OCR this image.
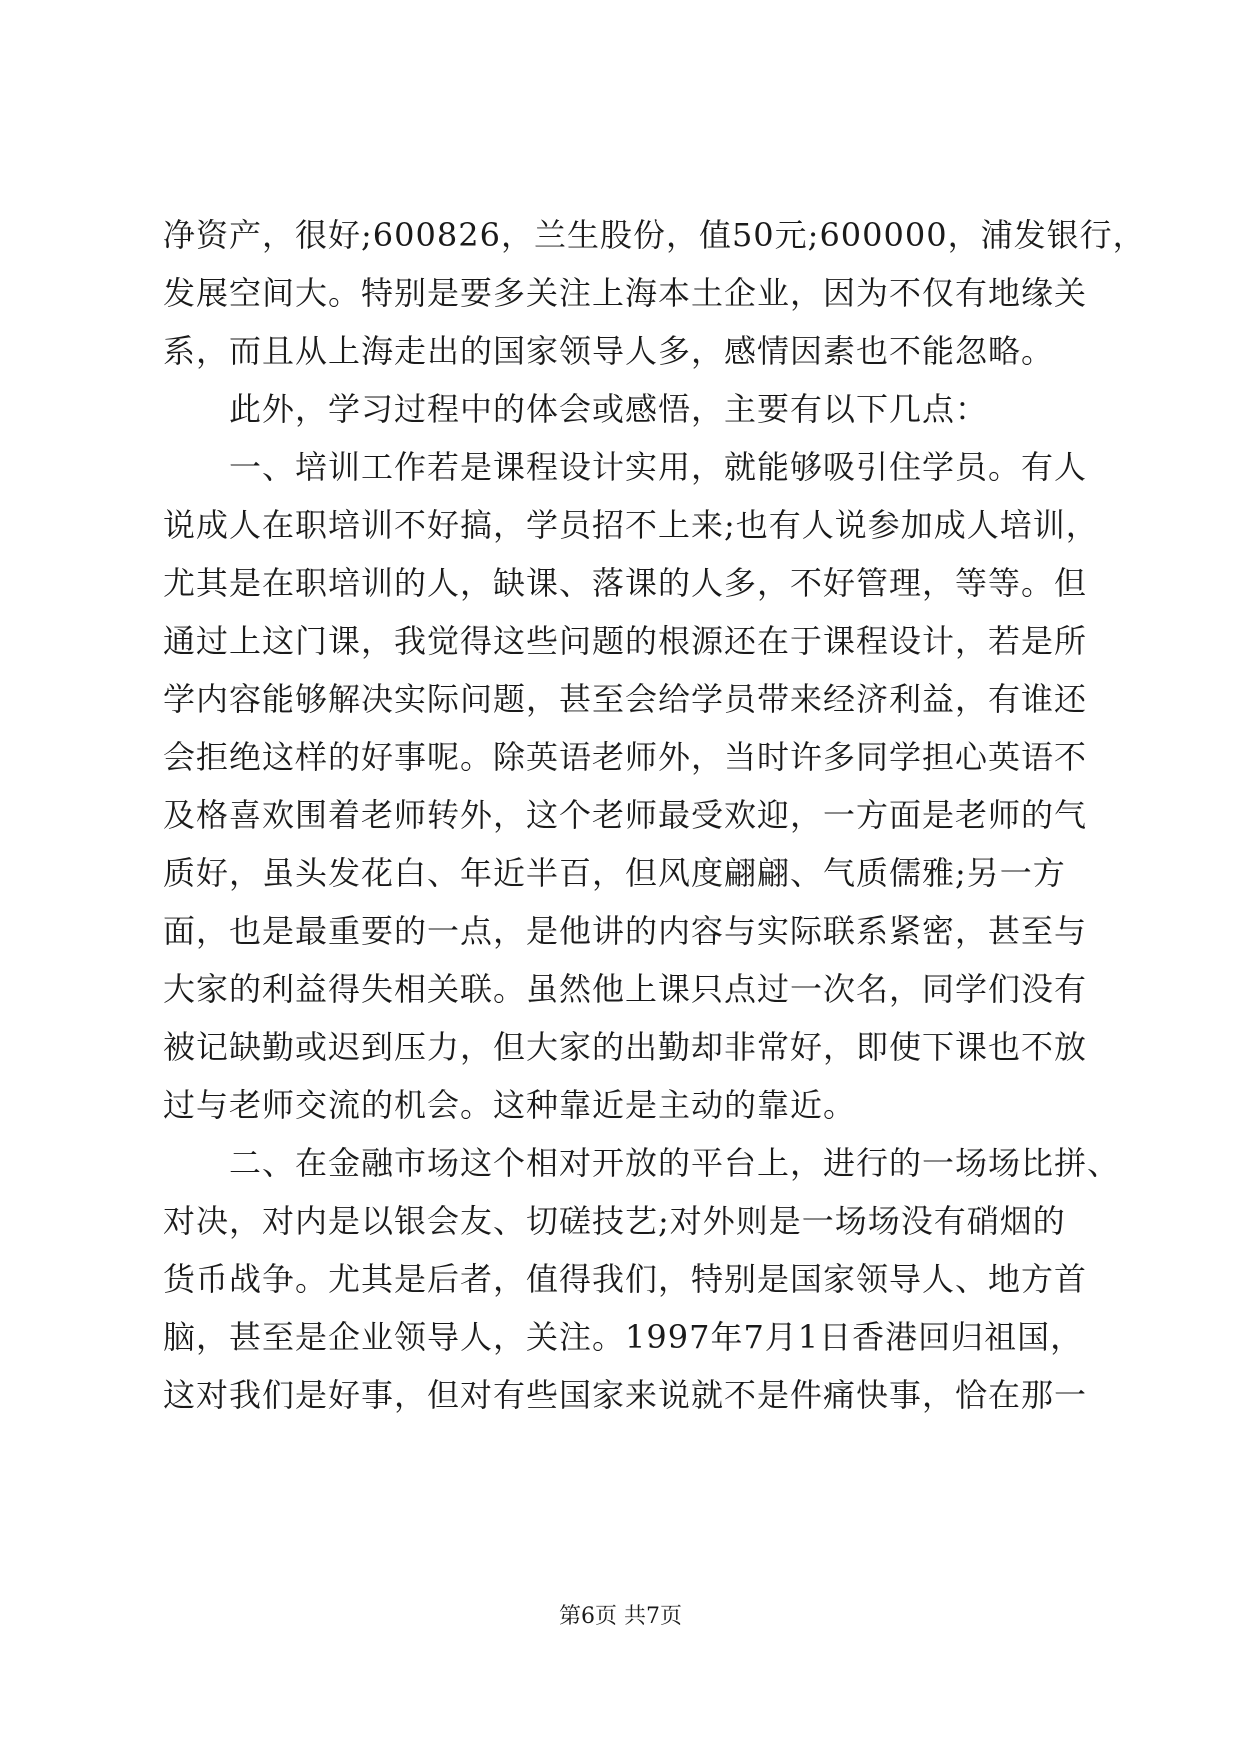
净资产，很好;600826，兰生股份，值50元;600000，浦发银行，
发展空间大。特别是要多关注上海本土企业，因为不仅有地缘关
系，而且从上海走出的国家领导人多，感情因素也不能忽略。
此外，学习过程中的体会或感悟，主要有以下几点：
一、培训工作若是课程设计实用，就能够吸引住学员。有人
说成人在职培训不好搞，学员招不上来;也有人说参加成人培训，
尤其是在职培训的人，缺课、落课的人多，不好管理，等等。但
通过上这门课，我觉得这些问题的根源还在于课程设计，若是所
学内容能够解决实际问题，甚至会给学员带来经济利益，有谁还
会拒绝这样的好事呢。除英语老师外，当时许多同学担心英语不
及格喜欢围着老师转外，这个老师最受欢迎，一方面是老师的气
质好，虽头发花白、年近半百，但风度翩翩、气质儒雅;另一方
面，也是最重要的一点，是他讲的内容与实际联系紧密，甚至与
大家的利益得失相关联。虽然他上课只点过一次名，同学们没有
被记缺勤或迟到压力，但大家的出勤却非常好，即使下课也不放
过与老师交流的机会。这种靠近是主动的靠近。
二、在金融市场这个相对开放的平台上，进行的一场场比拼、
对决，对内是以银会友、切磋技艺;对外则是一场场没有硝烟的
货币战争。尤其是后者，值得我们，特别是国家领导人、地方首
脑，甚至是企业领导人，关注。1997年7月1日香港回归祖国，
这对我们是好事，但对有些国家来说就不是件痛快事，恰在那一
第6页 共7页
